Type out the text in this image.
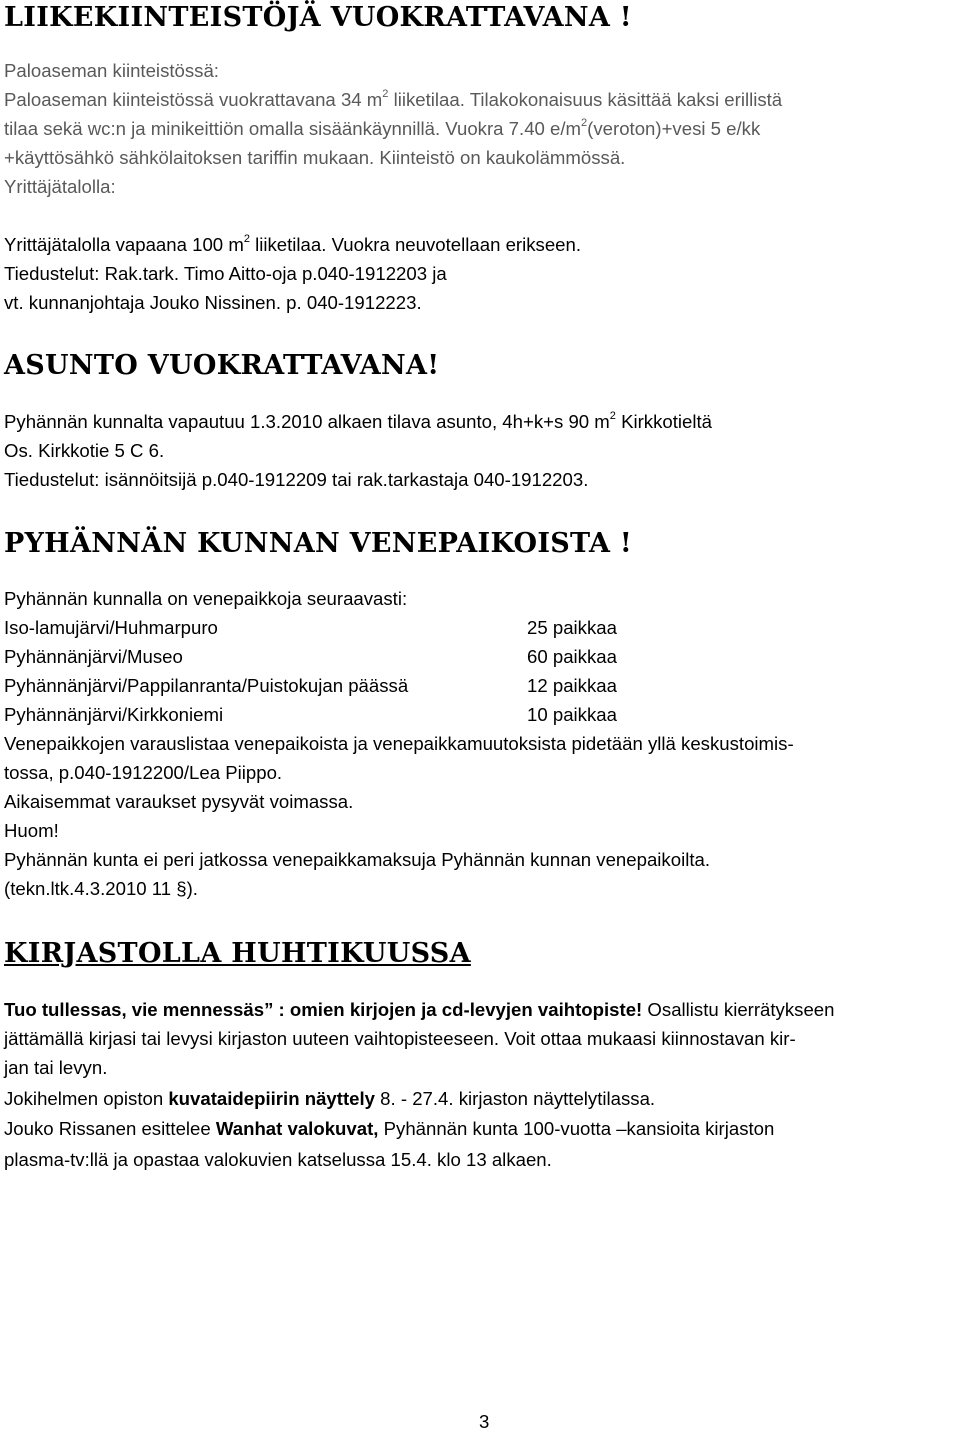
LIIKEKIINTEISTÖJÄ VUOKRATTAVANA !
Paloaseman kiinteistössä:
Paloaseman kiinteistössä vuokrattavana 34 $m^2$ liiketilaa. Tilakokonaisuus käsittää kaksi erillistä
tilaa sekä wc:n ja minikeittiön omalla sisäänkäynnillä. Vuokra 7.40 $e/m^2(veroton)+vesi$ 5 e/kk
+käyttösähkö sähkölaitoksen tariffin mukaan. Kiinteistö on kaukolämmössä.
Yrittäjätalolla:
Yrittäjätalolla vapaana 100 $m^2$ liiketilaa. Vuokra neuvotellaan erikseen.
Tiedustelut: Rak.tark. Timo Aitto-oja p.040-1912203 ja
vt. kunnanjohtaja Jouko Nissinen. p. 040-1912223.
ASUNTO VUOKRATTAVANA!
Pyhännän kunnalta vapautuu 1.3.2010 alkaen tilava asunto, 4h+k+s 90 $m^2$ Kirkkotieltä
Os. Kirkkotie 5 C 6.
Tiedustelut: isännöitsijä p.040-1912209 tai rak.tarkastaja 040-1912203.
PYHÄNNÄN KUNNAN VENEPAIKOISTA !
Pyhännän kunnalla on venepaikkoja seuraavasti:
Iso-lamujärvi/Huhmarpuro	25 paikkaa
Pyhännänjärvi/Museo	60 paikkaa
Pyhännänjärvi/Pappilanranta/Puistokujan päässä	12 paikkaa
Pyhännänjärvi/Kirkkoniemi	10 paikkaa
Venepaikkojen varauslistaa venepaikoista ja venepaikkamuutoksista pidetään yllä keskustoimis-
tossa, p.040-1912200/Lea Piippo.
Aikaisemmat varaukset pysyvät voimassa.
Huom!
Pyhännän kunta ei peri jatkossa venepaikkamaksuja Pyhännän kunnan venepaikoilta.
(tekn.ltk.4.3.2010 11 §).
KIRJASTOLLA HUHTIKUUSSA
Tuo tullessas, vie mennessäs” : omien kirjojen ja cd-levyjen vaihtopiste! Osallistu kierrätykseen
jättämällä kirjasi tai levysi kirjaston uuteen vaihtopisteeseen. Voit ottaa mukaasi kiinnostavan kir-
jan tai levyn.
Jokihelmen opiston kuvataidepiirin näyttely 8. - 27.4. kirjaston näyttelytilassa.
Jouko Rissanen esittelee Wanhat valokuvat, Pyhännän kunta 100-vuotta –kansioita kirjaston
plasma-tv:llä ja opastaa valokuvien katselussa 15.4. klo 13 alkaen.
3
